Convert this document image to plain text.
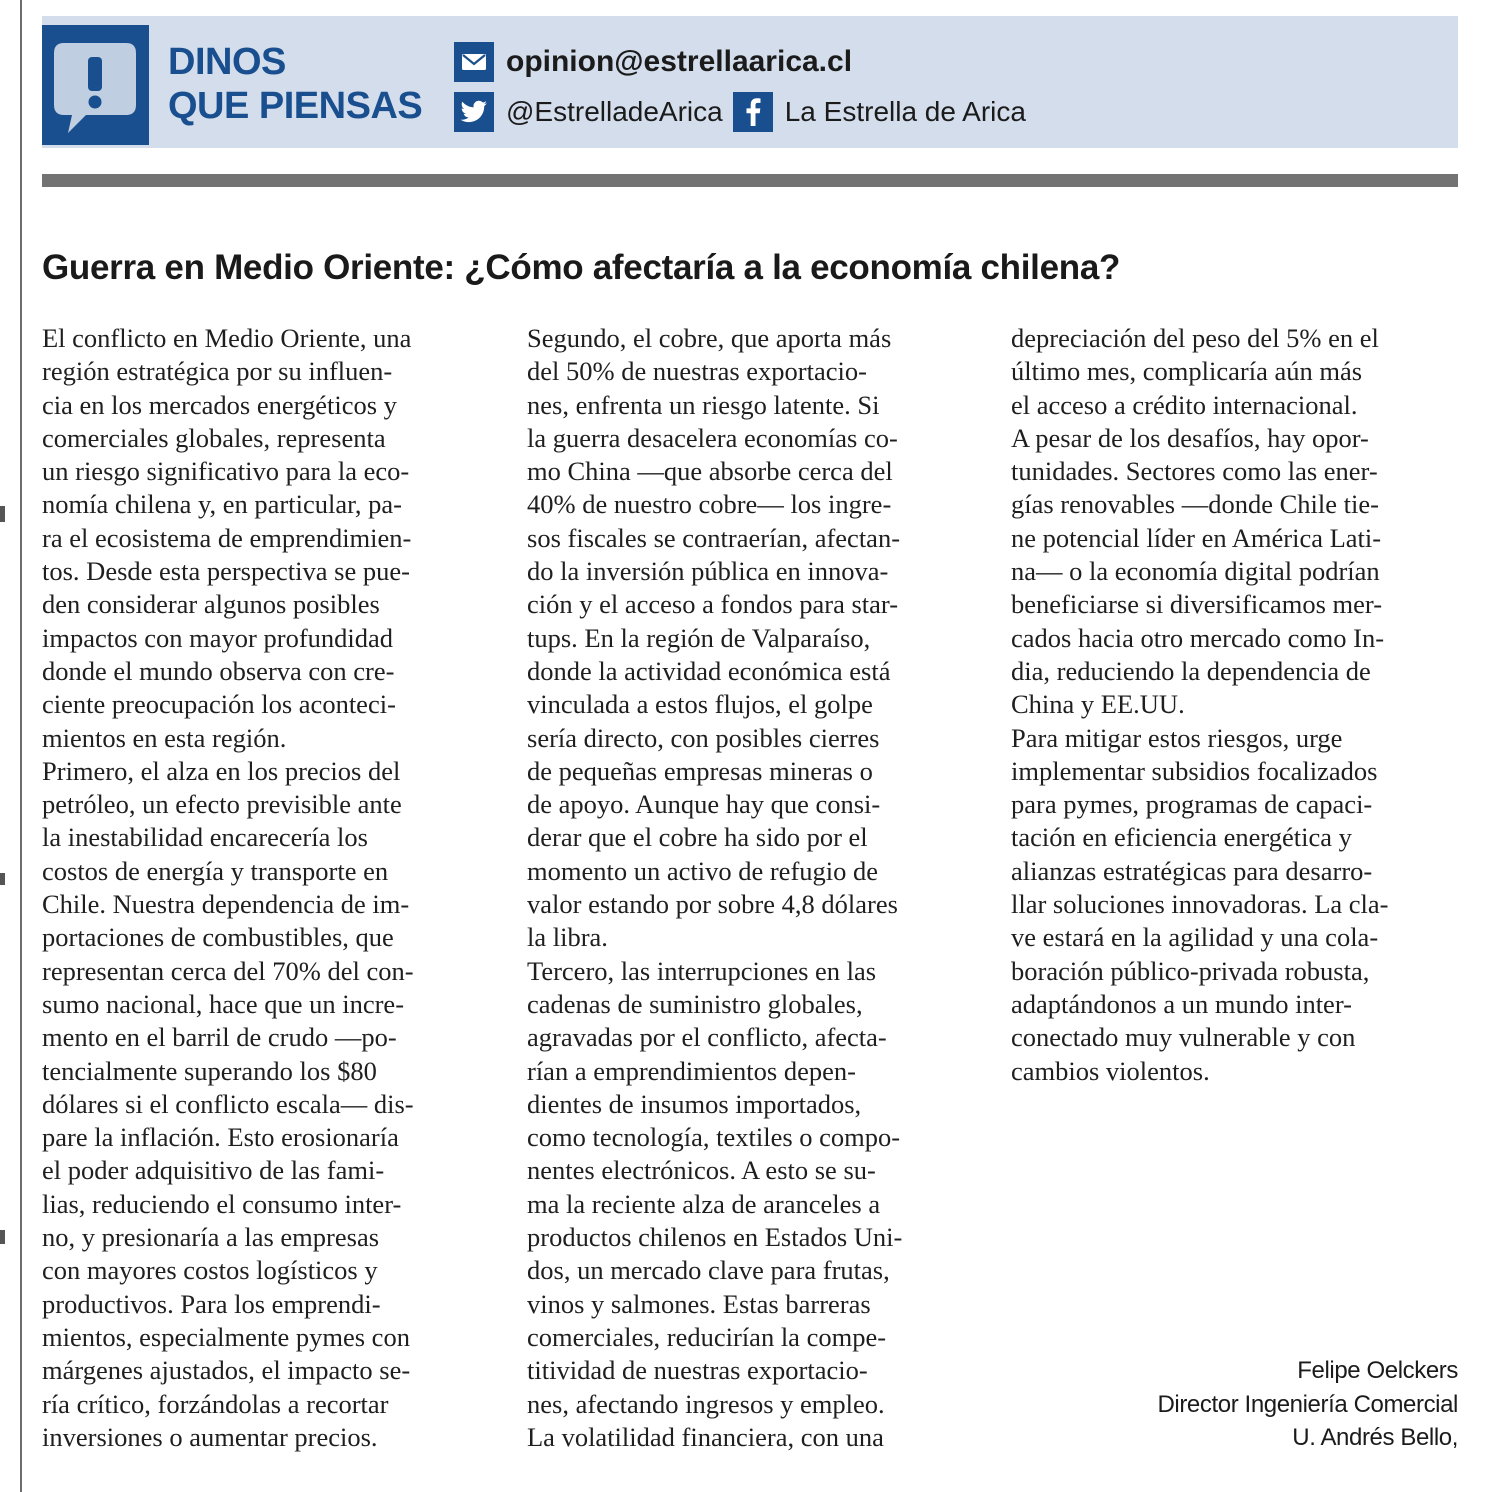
DINOS
QUE PIENSAS
opinion@estrellaarica.cl
@EstrelladeArica La Estrella de Arica
Guerra en Medio Oriente: ¿Cómo afectaría a la economía chilena?
El conflicto en Medio Oriente, una
región estratégica por su influen-
cia en los mercados energéticos y
comerciales globales, representa
un riesgo significativo para la eco-
nomía chilena y, en particular, pa-
ra el ecosistema de emprendimien-
tos. Desde esta perspectiva se pue-
den considerar algunos posibles
impactos con mayor profundidad
donde el mundo observa con cre-
ciente preocupación los aconteci-
mientos en esta región.
Primero, el alza en los precios del
petróleo, un efecto previsible ante
la inestabilidad encarecería los
costos de energía y transporte en
Chile. Nuestra dependencia de im-
portaciones de combustibles, que
representan cerca del 70% del con-
sumo nacional, hace que un incre-
mento en el barril de crudo —po-
tencialmente superando los $80
dólares si el conflicto escala— dis-
pare la inflación. Esto erosionaría
el poder adquisitivo de las fami-
lias, reduciendo el consumo inter-
no, y presionaría a las empresas
con mayores costos logísticos y
productivos. Para los emprendi-
mientos, especialmente pymes con
márgenes ajustados, el impacto se-
ría crítico, forzándolas a recortar
inversiones o aumentar precios.
Segundo, el cobre, que aporta más
del 50% de nuestras exportacio-
nes, enfrenta un riesgo latente. Si
la guerra desacelera economías co-
mo China —que absorbe cerca del
40% de nuestro cobre— los ingre-
sos fiscales se contraerían, afectan-
do la inversión pública en innova-
ción y el acceso a fondos para star-
tups. En la región de Valparaíso,
donde la actividad económica está
vinculada a estos flujos, el golpe
sería directo, con posibles cierres
de pequeñas empresas mineras o
de apoyo. Aunque hay que consi-
derar que el cobre ha sido por el
momento un activo de refugio de
valor estando por sobre 4,8 dólares
la libra.
Tercero, las interrupciones en las
cadenas de suministro globales,
agravadas por el conflicto, afecta-
rían a emprendimientos depen-
dientes de insumos importados,
como tecnología, textiles o compo-
nentes electrónicos. A esto se su-
ma la reciente alza de aranceles a
productos chilenos en Estados Uni-
dos, un mercado clave para frutas,
vinos y salmones. Estas barreras
comerciales, reducirían la compe-
titividad de nuestras exportacio-
nes, afectando ingresos y empleo.
La volatilidad financiera, con una
depreciación del peso del 5% en el
último mes, complicaría aún más
el acceso a crédito internacional.
A pesar de los desafíos, hay opor-
tunidades. Sectores como las ener-
gías renovables —donde Chile tie-
ne potencial líder en América Lati-
na— o la economía digital podrían
beneficiarse si diversificamos mer-
cados hacia otro mercado como In-
dia, reduciendo la dependencia de
China y EE.UU.
Para mitigar estos riesgos, urge
implementar subsidios focalizados
para pymes, programas de capaci-
tación en eficiencia energética y
alianzas estratégicas para desarro-
llar soluciones innovadoras. La cla-
ve estará en la agilidad y una cola-
boración público-privada robusta,
adaptándonos a un mundo inter-
conectado muy vulnerable y con
cambios violentos.
Felipe Oelckers
Director Ingeniería Comercial
U. Andrés Bello,
